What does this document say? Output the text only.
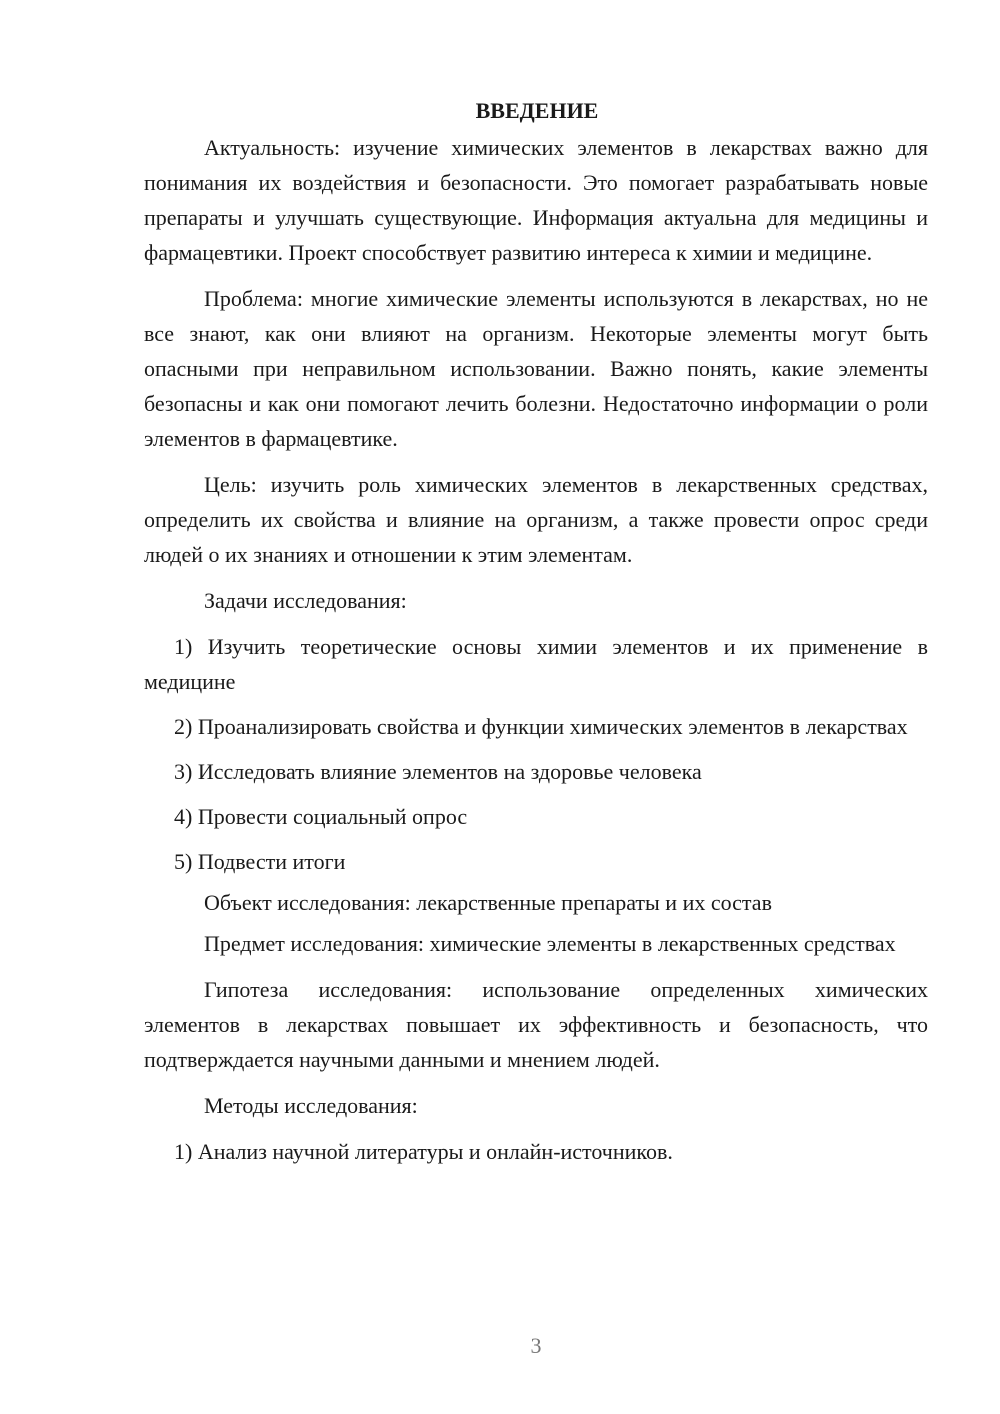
ВВЕДЕНИЕ

Актуальность: изучение химических элементов в лекарствах важно для понимания их воздействия и безопасности. Это помогает разрабатывать новые препараты и улучшать существующие. Информация актуальна для медицины и фармацевтики. Проект способствует развитию интереса к химии и медицине.

Проблема: многие химические элементы используются в лекарствах, но не все знают, как они влияют на организм. Некоторые элементы могут быть опасными при неправильном использовании. Важно понять, какие элементы безопасны и как они помогают лечить болезни. Недостаточно информации о роли элементов в фармацевтике.

Цель: изучить роль химических элементов в лекарственных средствах, определить их свойства и влияние на организм, а также провести опрос среди людей о их знаниях и отношении к этим элементам.

Задачи исследования:

1) Изучить теоретические основы химии элементов и их применение в медицине

2) Проанализировать свойства и функции химических элементов в лекарствах

3) Исследовать влияние элементов на здоровье человека

4) Провести социальный опрос

5) Подвести итоги

Объект исследования: лекарственные препараты и их состав

Предмет исследования: химические элементы в лекарственных средствах

Гипотеза исследования: использование определенных химических элементов в лекарствах повышает их эффективность и безопасность, что подтверждается научными данными и мнением людей.

Методы исследования:

1) Анализ научной литературы и онлайн-источников.

3
